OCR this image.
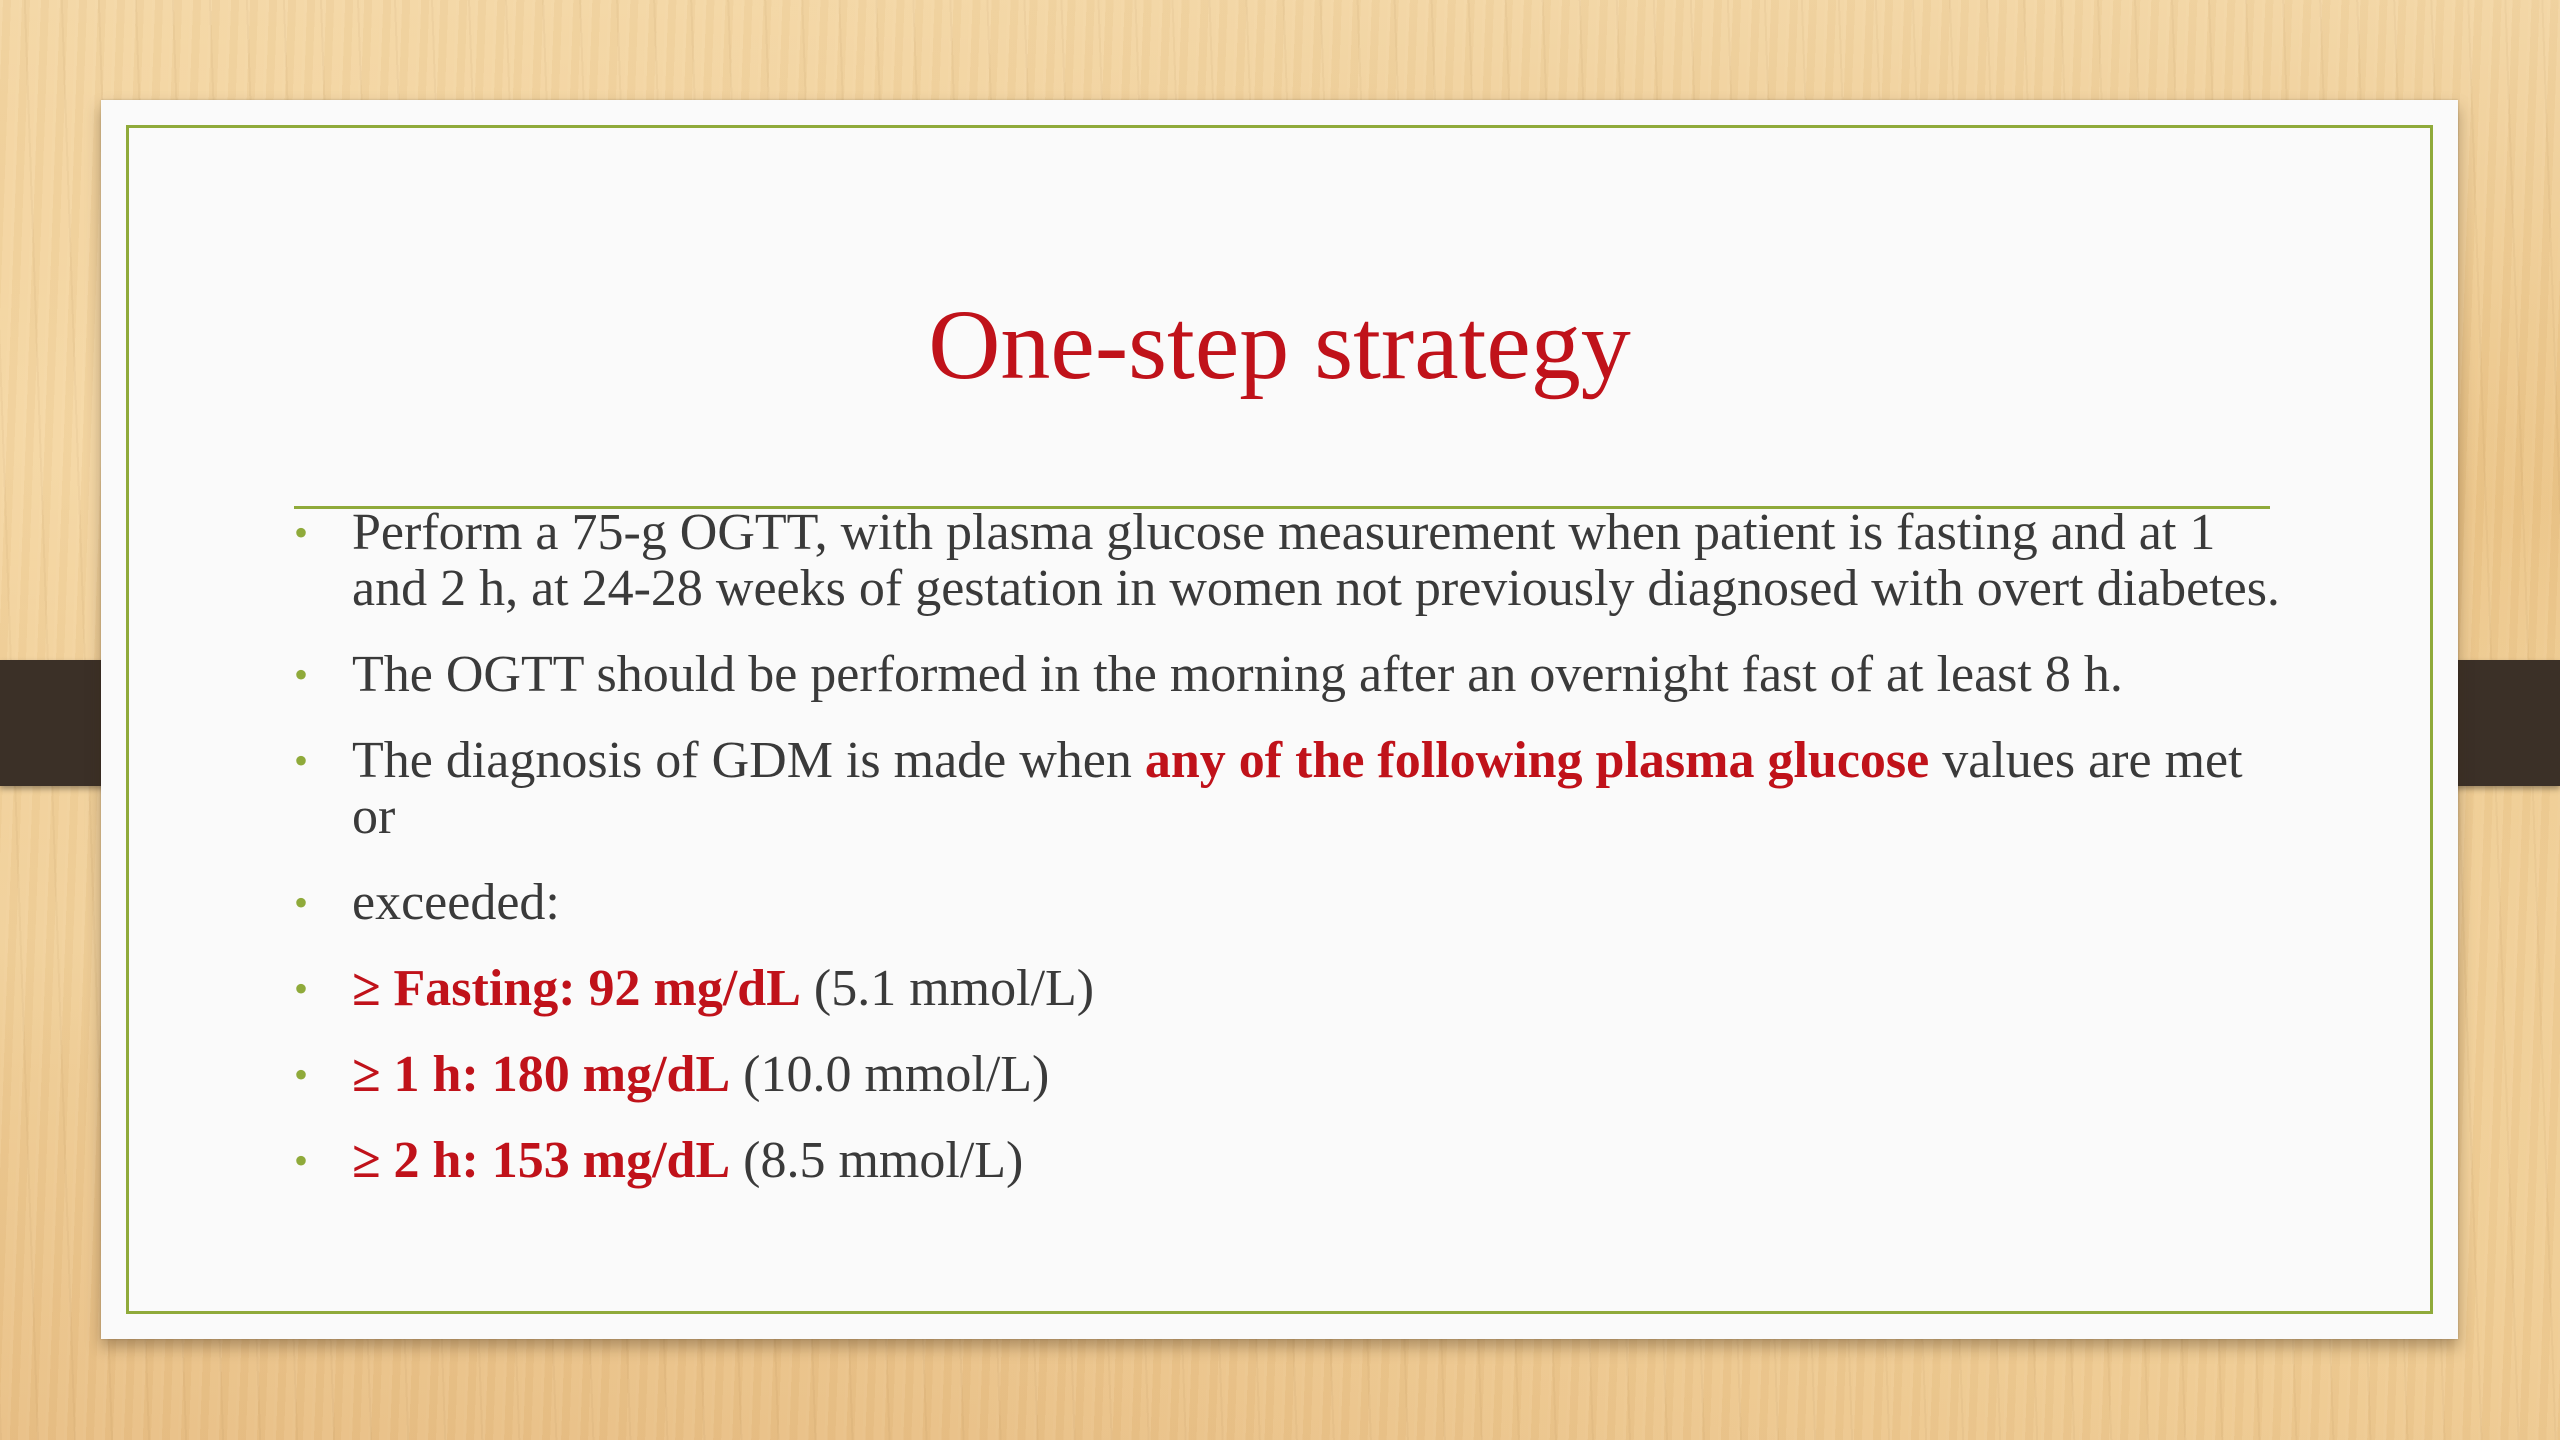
One-step strategy
• Perform a 75-g OGTT, with plasma glucose measurement when patient is fasting and at 1 and 2 h, at 24-28 weeks of gestation in women not previously diagnosed with overt diabetes.
• The OGTT should be performed in the morning after an overnight fast of at least 8 h.
• The diagnosis of GDM is made when any of the following plasma glucose values are met or
• exceeded:
• ≥ Fasting: 92 mg/dL (5.1 mmol/L)
• ≥ 1 h: 180 mg/dL (10.0 mmol/L)
• ≥ 2 h: 153 mg/dL (8.5 mmol/L)
